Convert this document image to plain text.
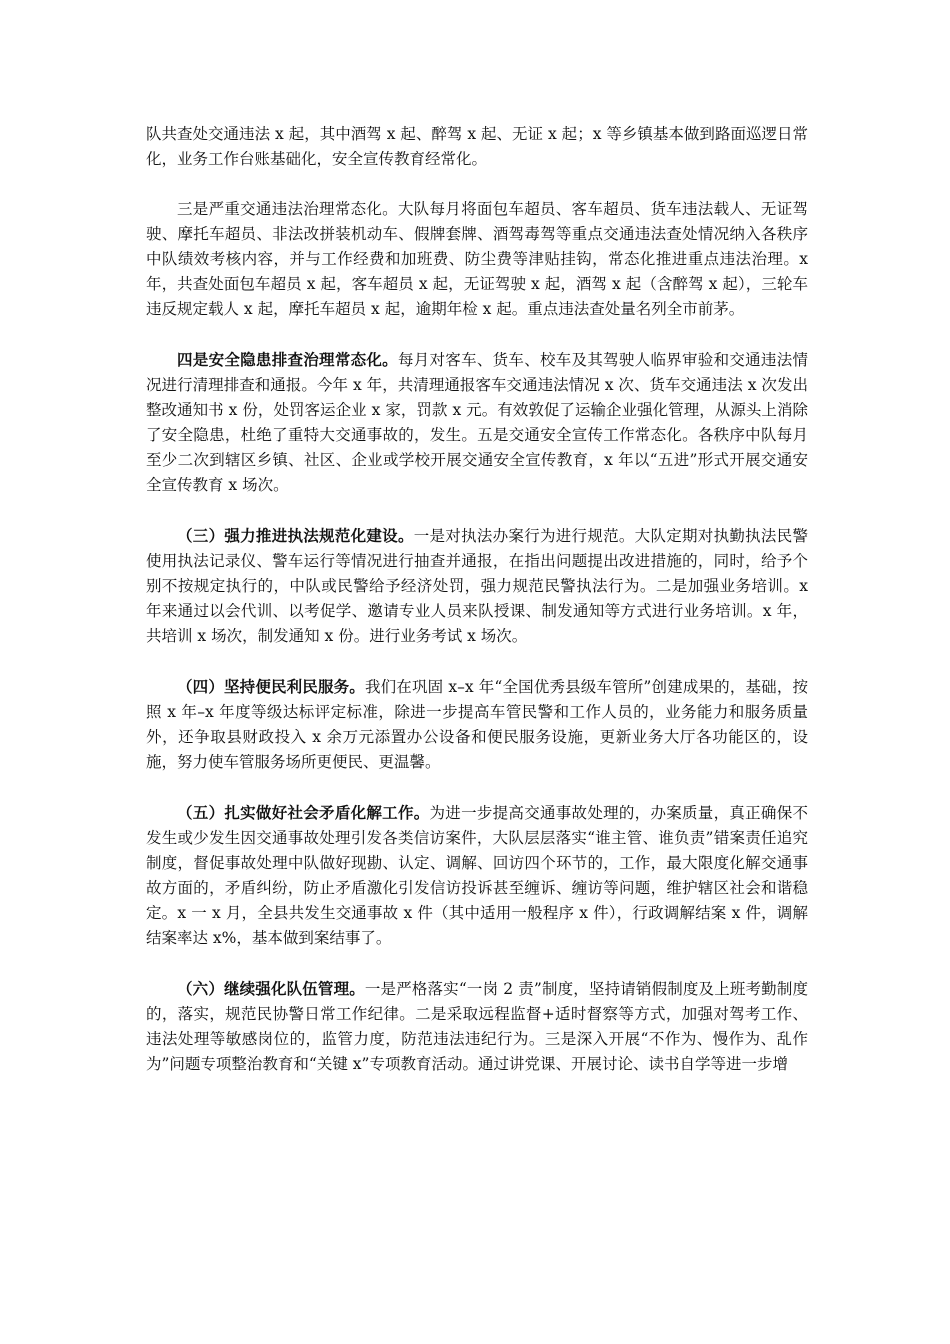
队共查处交通违法 x 起，其中酒驾 x 起、醉驾 x 起、无证 x 起；x 等乡镇基本做到路面巡逻日常化，业务工作台账基础化，安全宣传教育经常化。

三是严重交通违法治理常态化。大队每月将面包车超员、客车超员、货车违法载人、无证驾驶、摩托车超员、非法改拼装机动车、假牌套牌、酒驾毒驾等重点交通违法查处情况纳入各秩序中队绩效考核内容，并与工作经费和加班费、防尘费等津贴挂钩，常态化推进重点违法治理。x 年，共查处面包车超员 x 起，客车超员 x 起，无证驾驶 x 起，酒驾 x 起（含醉驾 x 起），三轮车违反规定载人 x 起，摩托车超员 x 起，逾期年检 x 起。重点违法查处量名列全市前茅。

四是安全隐患排查治理常态化。每月对客车、货车、校车及其驾驶人临界审验和交通违法情况进行清理排查和通报。今年 x 年，共清理通报客车交通违法情况 x 次、货车交通违法 x 次发出整改通知书 x 份，处罚客运企业 x 家，罚款 x 元。有效敦促了运输企业强化管理，从源头上消除了安全隐患，杜绝了重特大交通事故的，发生。五是交通安全宣传工作常态化。各秩序中队每月至少二次到辖区乡镇、社区、企业或学校开展交通安全宣传教育，x 年以“五进”形式开展交通安全宣传教育 x 场次。

（三）强力推进执法规范化建设。一是对执法办案行为进行规范。大队定期对执勤执法民警使用执法记录仪、警车运行等情况进行抽查并通报，在指出问题提出改进措施的，同时，给予个别不按规定执行的，中队或民警给予经济处罚，强力规范民警执法行为。二是加强业务培训。x 年来通过以会代训、以考促学、邀请专业人员来队授课、制发通知等方式进行业务培训。x 年，共培训 x 场次，制发通知 x 份。进行业务考试 x 场次。

（四）坚持便民利民服务。我们在巩固 x–x 年“全国优秀县级车管所”创建成果的，基础，按照 x 年–x 年度等级达标评定标准，除进一步提高车管民警和工作人员的，业务能力和服务质量外，还争取县财政投入 x 余万元添置办公设备和便民服务设施，更新业务大厅各功能区的，设施，努力使车管服务场所更便民、更温馨。

（五）扎实做好社会矛盾化解工作。为进一步提高交通事故处理的，办案质量，真正确保不发生或少发生因交通事故处理引发各类信访案件，大队层层落实“谁主管、谁负责”错案责任追究制度，督促事故处理中队做好现勘、认定、调解、回访四个环节的，工作，最大限度化解交通事故方面的，矛盾纠纷，防止矛盾激化引发信访投诉甚至缠诉、缠访等问题，维护辖区社会和谐稳定。x 一 x 月，全县共发生交通事故 x 件（其中适用一般程序 x 件），行政调解结案 x 件，调解结案率达 x%，基本做到案结事了。

（六）继续强化队伍管理。一是严格落实“一岗 2 责”制度，坚持请销假制度及上班考勤制度的，落实，规范民协警日常工作纪律。二是采取远程监督+适时督察等方式，加强对驾考工作、违法处理等敏感岗位的，监管力度，防范违法违纪行为。三是深入开展“不作为、慢作为、乱作为”问题专项整治教育和“关键 x”专项教育活动。通过讲党课、开展讨论、读书自学等进一步增
